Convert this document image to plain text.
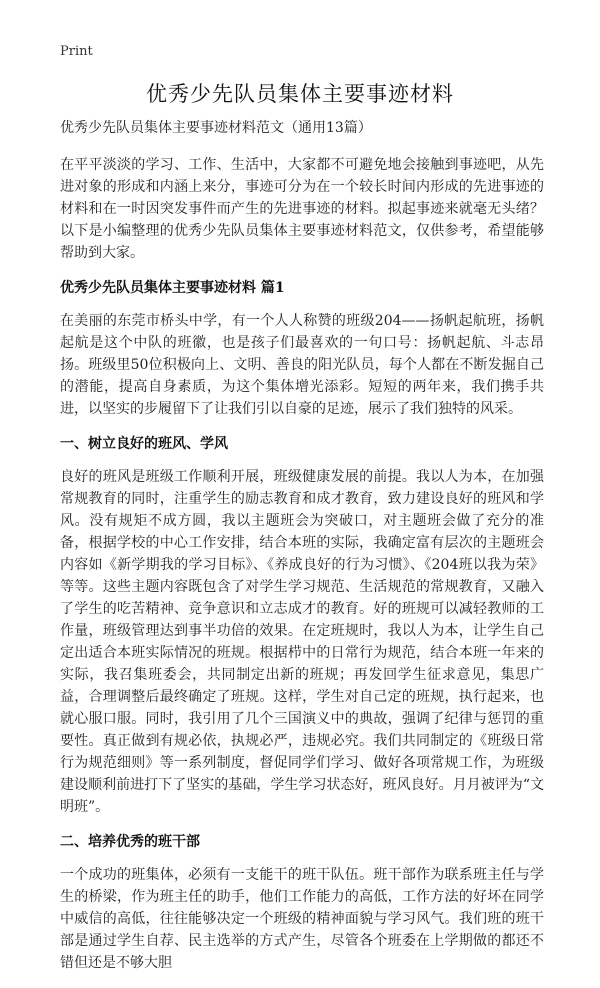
Print
优秀少先队员集体主要事迹材料
优秀少先队员集体主要事迹材料范文（通用13篇）

在平平淡淡的学习、工作、生活中，大家都不可避免地会接触到事迹吧，从先进对象的形成和内涵上来分，事迹可分为在一个较长时间内形成的先进事迹的材料和在一时因突发事件而产生的先进事迹的材料。拟起事迹来就毫无头绪？以下是小编整理的优秀少先队员集体主要事迹材料范文，仅供参考，希望能够帮助到大家。

优秀少先队员集体主要事迹材料 篇1

在美丽的东莞市桥头中学，有一个人人称赞的班级204——扬帆起航班，扬帆起航是这个中队的班徽，也是孩子们最喜欢的一句口号：扬帆起航、斗志昂扬。班级里50位积极向上、文明、善良的阳光队员，每个人都在不断发掘自己的潜能，提高自身素质，为这个集体增光添彩。短短的两年来，我们携手共进，以坚实的步履留下了让我们引以自豪的足迹，展示了我们独特的风采。

一、树立良好的班风、学风

良好的班风是班级工作顺利开展，班级健康发展的前提。我以人为本，在加强常规教育的同时，注重学生的励志教育和成才教育，致力建设良好的班风和学风。没有规矩不成方圆，我以主题班会为突破口，对主题班会做了充分的准备，根据学校的中心工作安排，结合本班的实际，我确定富有层次的主题班会内容如《新学期我的学习目标》、《养成良好的行为习惯》、《204班以我为荣》等等。这些主题内容既包含了对学生学习规范、生活规范的常规教育，又融入了学生的吃苦精神、竞争意识和立志成才的教育。好的班规可以减轻教师的工作量，班级管理达到事半功倍的效果。在定班规时，我以人为本，让学生自己定出适合本班实际情况的班规。根据栉中的日常行为规范，结合本班一年来的实际，我召集班委会，共同制定出新的班规；再发回学生征求意见，集思广益，合理调整后最终确定了班规。这样，学生对自己定的班规，执行起来，也就心服口服。同时，我引用了几个三国演义中的典故，强调了纪律与惩罚的重要性。真正做到有规必依，执规必严，违规必究。我们共同制定的《班级日常行为规范细则》等一系列制度，督促同学们学习、做好各项常规工作，为班级建设顺利前进打下了坚实的基础，学生学习状态好，班风良好。月月被评为“文明班”。

二、培养优秀的班干部

一个成功的班集体，必须有一支能干的班干队伍。班干部作为联系班主任与学生的桥梁，作为班主任的助手，他们工作能力的高低，工作方法的好坏在同学中威信的高低，往往能够决定一个班级的精神面貌与学习风气。我们班的班干部是通过学生自荐、民主选举的方式产生，尽管各个班委在上学期做的都还不错但还是不够大胆
